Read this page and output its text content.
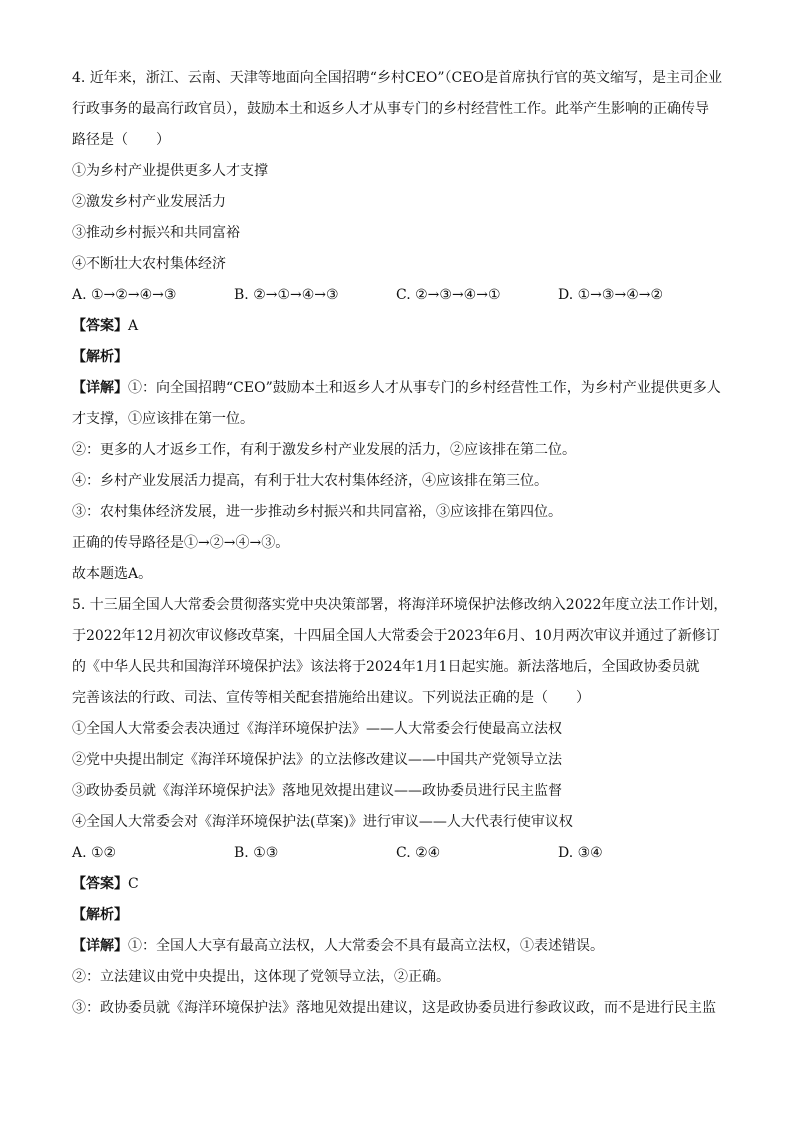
4. 近年来，浙江、云南、天津等地面向全国招聘“乡村CEO”（CEO是首席执行官的英文缩写，是主司企业
行政事务的最高行政官员），鼓励本土和返乡人才从事专门的乡村经营性工作。此举产生影响的正确传导
路径是（　　）
①为乡村产业提供更多人才支撑
②激发乡村产业发展活力
③推动乡村振兴和共同富裕
④不断壮大农村集体经济
A. ①→②→④→③	B. ②→①→④→③	C. ②→③→④→①	D. ①→③→④→②
【答案】A
【解析】
【详解】①：向全国招聘“CEO”鼓励本土和返乡人才从事专门的乡村经营性工作，为乡村产业提供更多人
才支撑，①应该排在第一位。
②：更多的人才返乡工作，有利于激发乡村产业发展的活力，②应该排在第二位。
④：乡村产业发展活力提高，有利于壮大农村集体经济，④应该排在第三位。
③：农村集体经济发展，进一步推动乡村振兴和共同富裕，③应该排在第四位。
正确的传导路径是①→②→④→③。
故本题选A。
5. 十三届全国人大常委会贯彻落实党中央决策部署，将海洋环境保护法修改纳入2022年度立法工作计划，
于2022年12月初次审议修改草案，十四届全国人大常委会于2023年6月、10月两次审议并通过了新修订
的《中华人民共和国海洋环境保护法》该法将于2024年1月1日起实施。新法落地后，全国政协委员就
完善该法的行政、司法、宣传等相关配套措施给出建议。下列说法正确的是（　　）
①全国人大常委会表决通过《海洋环境保护法》——人大常委会行使最高立法权
②党中央提出制定《海洋环境保护法》的立法修改建议——中国共产党领导立法
③政协委员就《海洋环境保护法》落地见效提出建议——政协委员进行民主监督
④全国人大常委会对《海洋环境保护法(草案)》进行审议——人大代表行使审议权
A. ①②	B. ①③	C. ②④	D. ③④
【答案】C
【解析】
【详解】①：全国人大享有最高立法权，人大常委会不具有最高立法权，①表述错误。
②：立法建议由党中央提出，这体现了党领导立法，②正确。
③：政协委员就《海洋环境保护法》落地见效提出建议，这是政协委员进行参政议政，而不是进行民主监
